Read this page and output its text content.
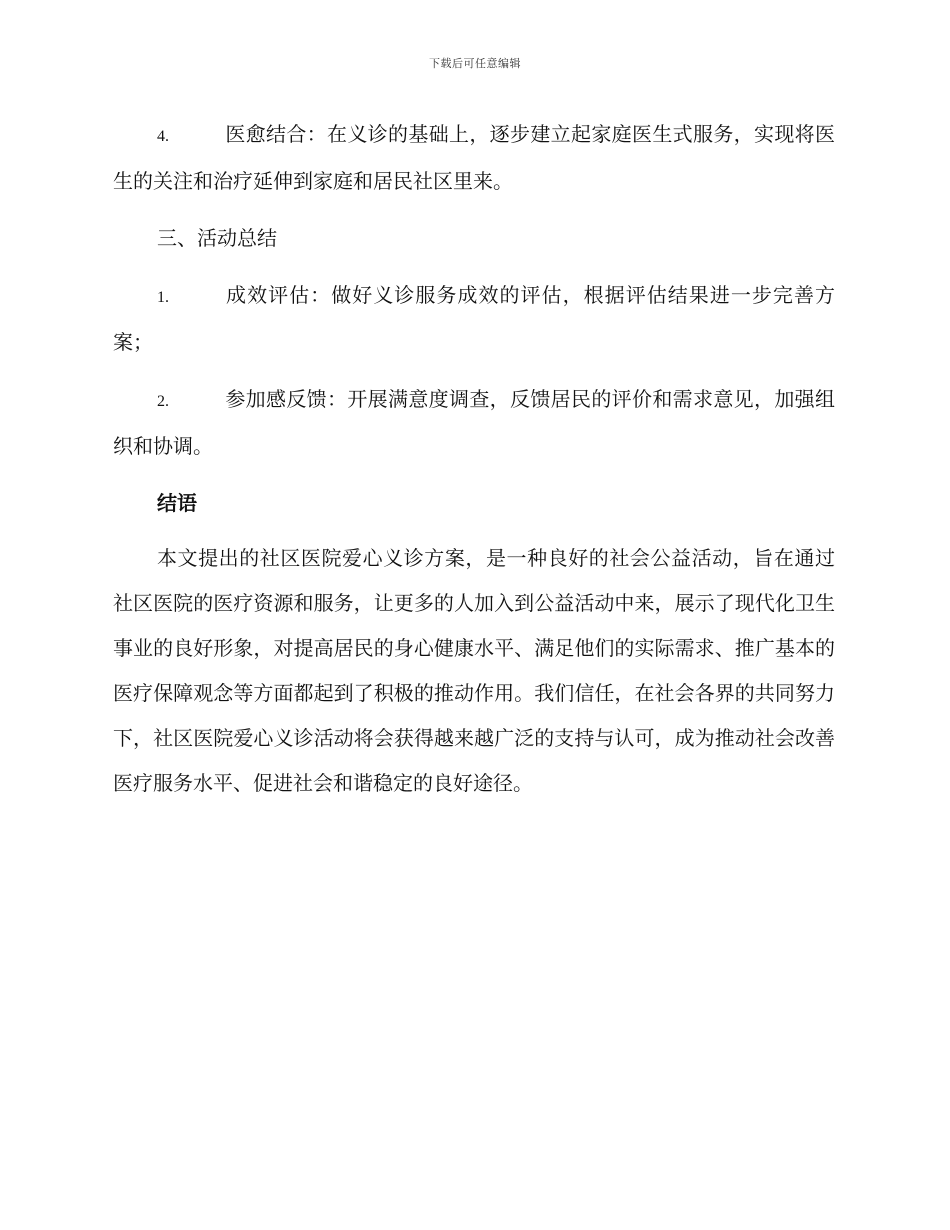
下载后可任意编辑

4.	医愈结合：在义诊的基础上，逐步建立起家庭医生式服务，实现将医生的关注和治疗延伸到家庭和居民社区里来。

三、活动总结

1.	成效评估：做好义诊服务成效的评估，根据评估结果进一步完善方案；

2.	参加感反馈：开展满意度调查，反馈居民的评价和需求意见，加强组织和协调。

结语

本文提出的社区医院爱心义诊方案，是一种良好的社会公益活动，旨在通过社区医院的医疗资源和服务，让更多的人加入到公益活动中来，展示了现代化卫生事业的良好形象，对提高居民的身心健康水平、满足他们的实际需求、推广基本的医疗保障观念等方面都起到了积极的推动作用。我们信任，在社会各界的共同努力下，社区医院爱心义诊活动将会获得越来越广泛的支持与认可，成为推动社会改善医疗服务水平、促进社会和谐稳定的良好途径。
